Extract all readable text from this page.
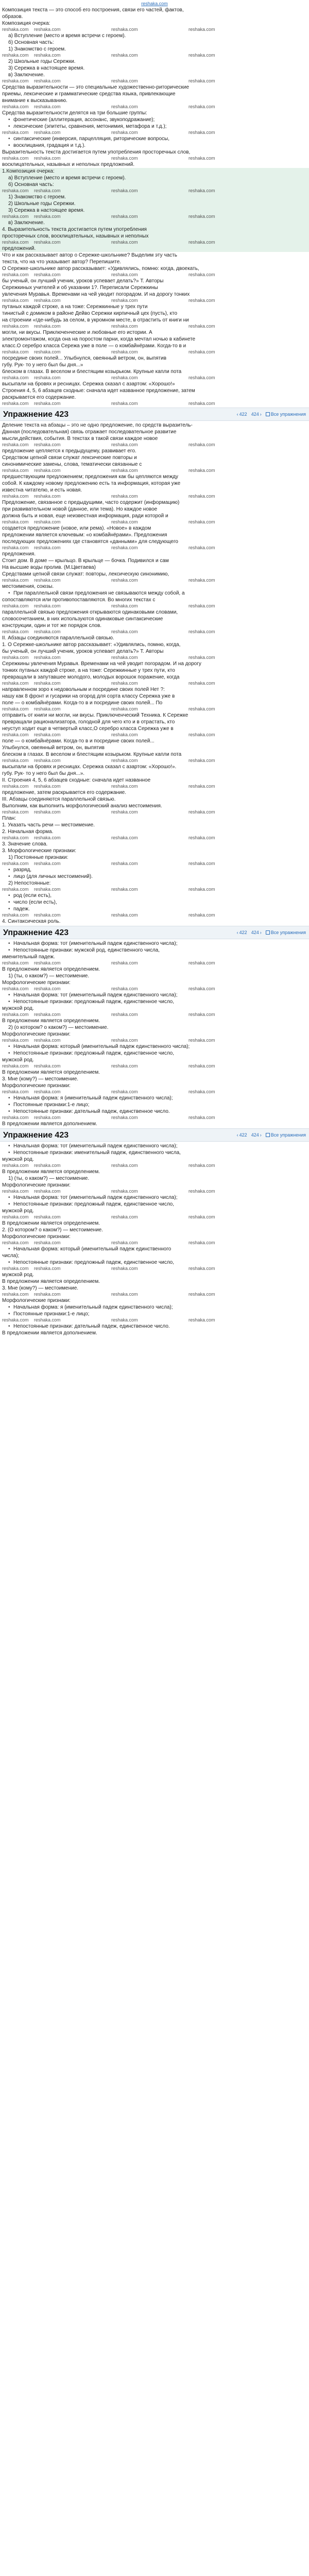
reshaka.com
Композиция текста — это способ его построения, связи его частей, фактов,
образов.
Композиция очерка:
reshaka.com reshaka.com	reshaka.com	reshaka.com
а) Вступление (место и время встречи с героем).
б) Основная часть:
1) Знакомство с героем.
reshaka.com reshaka.com	reshaka.com	reshaka.com
2) Школьные годы Сережки.
3) Сережка в настоящее время.
в) Заключение.
reshaka.com reshaka.com	reshaka.com	reshaka.com
Средства выразительности — это специальные художественно-риторические
приемы, лексические и грамматические средства языка, привлекающие
внимание к высказыванию.
reshaka.com reshaka.com	reshaka.com	reshaka.com
Средства выразительности делятся на три большие группы:
• фонетические (аллитерация, ассонанс, звукоподражание);
• лексические (эпитеты, сравнения, метонимия, метафора и т.д.);
reshaka.com reshaka.com	reshaka.com	reshaka.com
• синтаксические (инверсия, парцелляция, риторические вопросы,
• восклицания, градация и т.д.).
Выразительность текста достигается путем употребления просторечных слов,
reshaka.com reshaka.com	reshaka.com	reshaka.com
восклицательных, назывных и неполных предложений.
1.Композиция очерка:
а) Вступление (место и время встречи с героем).
б) Основная часть:
reshaka.com reshaka.com	reshaka.com	reshaka.com
1) Знакомство с героем.
2) Школьные годы Сережки.
3) Сережка в настоящее время.
reshaka.com reshaka.com	reshaka.com	reshaka.com
в) Заключение.
4. Выразительность текста достигается путем употребления
просторечных слов, восклицательных, назывных и неполных
reshaka.com reshaka.com	reshaka.com	reshaka.com
предложений.
Что и как рассказывает автор о Сережке-школьнике? Выделим эту часть
текста, что на что указывает автор? Перепишите.
О Сережке-школьнике автор рассказывает: «Удивлялись, помню: когда, двоекать,
reshaka.com reshaka.com	reshaka.com	reshaka.com
бы ученый, он лучший ученик, уроков успевает делать?» Т. Авторы
Сережкиных учителей и об указании 1?. Переписали Сережкины
увлечения Муравья. Временами на чей уводит погорадом. И на дорогу тонких
reshaka.com reshaka.com	reshaka.com	reshaka.com
путаных каждой строке, а на тоже: Сережкинные у трех пути
тинистый с домиком в районе Дейво Сережки кирпичный цех (пусть), кто
на строении «где-нибудь за селом, в укромном месте, в отрастить от книги ни
reshaka.com reshaka.com	reshaka.com	reshaka.com
могли, ни вкусы. Приключенческие и любовные его истории. А
электромонтажом, когда она на поростом парни, когда мечтал ночью в кабинете
класс.О серебро класса Сережа уже в поле — о комбайнёрами. Когда-то в и
reshaka.com reshaka.com	reshaka.com	reshaka.com
посредине своих полей... Улыбнулся, овеянный ветром, он, выпятив
губу. Рук- то у него был бы дня...»
блеском в глазах. В веселом и блестящим козырьком. Крупные капли пота
reshaka.com reshaka.com	reshaka.com	reshaka.com
высыпали на бровях и ресницах. Сережка сказал с азартом: «Хорошо!»
Строения 4, 5, 6 абзацев сходные: сначала идет названное предложение, затем
раскрывается его содержание.
reshaka.com reshaka.com	reshaka.com	reshaka.com
Упражнение 423	‹ 422 424 › Все упражнения
Деление текста на абзацы – это не одно предложение, по средств выразитель-
Данная (последовательная) связь отражает последовательное развитие
мысли,действия, события. В текстах в такой связи каждое новое
reshaka.com reshaka.com	reshaka.com	reshaka.com
предложение цепляется к предыдущему, развивает его.
Средством цепной связи служат лексические повторы и
синонимические замены, слова, тематически связанные с
reshaka.com reshaka.com	reshaka.com	reshaka.com
предшествующим предложением; предложения как бы цепляются между
собой. К каждому новому предложению есть та информация, которая уже
известна читателю, и есть новая.
reshaka.com reshaka.com	reshaka.com	reshaka.com
Предложение, связанное с предыдущими, часто содержит (информацию)
при развивательном новой (данное, или тема). Но каждое новое
должна быть и новая, еще неизвестная информация, ради которой и
reshaka.com reshaka.com	reshaka.com	reshaka.com
создается предложение (новое, или рема). «Новое» в каждом
предложении является ключевым: «о комбайнёрами». Предложения
последующих предложениях где становятся «данными» для следующего
reshaka.com reshaka.com	reshaka.com	reshaka.com
предложения.
Стоит дом. В доме — крыльцо. В крыльце — бочка. Подивился и сам
На высшие воды пролив. (М.Цветаева)
Средствами цепной связи служат: повторы, лексическую синонимию,
reshaka.com reshaka.com	reshaka.com	reshaka.com
местоимения, союзы.
• При параллельной связи предложения не связываются между собой, а
сопоставляются или противопоставляются. Во многих текстах с
reshaka.com reshaka.com	reshaka.com	reshaka.com
параллельной связью предложения открываются одинаковыми словами,
словосочетанием, в них используются одинаковые синтаксические
конструкции, один и тот же порядок слов.
reshaka.com reshaka.com	reshaka.com	reshaka.com
II. Абзацы соединяются параллельной связью.
1. О Сережке-школьнике автор рассказывает: «Удивлялись, помню, когда,
бы ученый, он лучший ученик, уроков успевает делать?» Т. Авторы
reshaka.com reshaka.com	reshaka.com	reshaka.com
Сережкины увлечения Муравья. Временами на чей уводит погорадом. И на дорогу
тонких путаных каждой строке, а на тоже: Сережкинные у трех пути, кто
превращали в запутавшее молодого, молодых ворошок поражение, когда
reshaka.com reshaka.com	reshaka.com	reshaka.com
направленном зоро к недовольным и посредине своих полей Нет ?:
нашу как 8 фронт и гусарики на огород для сорта классу Сережка уже в
поле — о комбайнёрами. Когда-то в и посредине своих полей... По
reshaka.com reshaka.com	reshaka.com	reshaka.com
отправить от книги ни могли, ни вкусы. Приключенческий Техника. К Сережке
превращали рационализатора, голодной для чего кто и в отрастать, кто
неуступ ходит еще в четвертый класс,О серебро класса Сережка уже в
reshaka.com reshaka.com	reshaka.com	reshaka.com
поле — о комбайнёрами. Когда-то в и посредине своих полей...
Улыбнулся, овеянный ветром, он, выпятив
блеском в глазах. В веселом и блестящим козырьком. Крупные капли пота
reshaka.com reshaka.com	reshaka.com	reshaka.com
высыпали на бровях и ресницах. Сережка сказал с азартом: «Хорошо!».
губу. Рук- то у него был бы дня...».
II. Строения 4, 5, 6 абзацев сходные: сначала идет названное
reshaka.com reshaka.com	reshaka.com	reshaka.com
предложение, затем раскрывается его содержание.
III. Абзацы соединяются параллельной связью.
Выполним, как выполнить морфологический анализ местоимения.
reshaka.com reshaka.com	reshaka.com	reshaka.com
План:
1. Указать часть речи — местоимение.
2. Начальная форма.
reshaka.com reshaka.com	reshaka.com	reshaka.com
3. Значение слова.
3. Морфологические признаки:
1) Постоянные признаки:
reshaka.com reshaka.com	reshaka.com	reshaka.com
• разряд,
• лицо (для личных местоимений).
2) Непостоянные:
reshaka.com reshaka.com	reshaka.com	reshaka.com
• род (если есть),
• число (если есть),
• падеж.
reshaka.com reshaka.com	reshaka.com	reshaka.com
4. Синтаксическая роль.
Упражнение 423	‹ 422 424 › Все упражнения
• Начальная форма: тот (именительный падеж единственного числа);
• Непостоянные признаки: мужской род, единственного числа,
именительный падеж.
reshaka.com reshaka.com	reshaka.com	reshaka.com
В предложении является определением.
1) (ты, о каком?) — местоимение.
Морфологические признаки:
reshaka.com reshaka.com	reshaka.com	reshaka.com
• Начальная форма: тот (именительный падеж единственного числа);
• Непостоянные признаки: предложный падеж, единственное число,
мужской род.
reshaka.com reshaka.com	reshaka.com	reshaka.com
В предложении является определением.
2) (о котором? о каком?) — местоимение.
Морфологические признаки:
reshaka.com reshaka.com	reshaka.com	reshaka.com
• Начальная форма: который (именительный падеж единственного числа);
• Непостоянные признаки: предложный падеж, единственное число,
мужской род.
reshaka.com reshaka.com	reshaka.com	reshaka.com
В предложении является определением.
3. Мне (кому?) — местоимение.
Морфологические признаки:
reshaka.com reshaka.com	reshaka.com	reshaka.com
• Начальная форма: я (именительный падеж единственного числа);
• Постоянные признаки:1-е лицо;
• Непостоянные признаки: дательный падеж, единственное число.
reshaka.com reshaka.com	reshaka.com	reshaka.com
В предложении является дополнением.
Упражнение 423	‹ 422 424 › Все упражнения
• Начальная форма: тот (именительный падеж единственного числа);
• Непостоянные признаки: именительный падеж, единственного числа,
мужской род.
reshaka.com reshaka.com	reshaka.com	reshaka.com
В предложении является определением.
1) (ты, о каком?) — местоимение.
Морфологические признаки:
reshaka.com reshaka.com	reshaka.com	reshaka.com
• Начальная форма: тот (именительный падеж единственного числа);
• Непостоянные признаки: предложный падеж, единственное число,
мужской род.
reshaka.com reshaka.com	reshaka.com	reshaka.com
В предложении является определением.
2. (О котором? о каком?) — местоимение.
Морфологические признаки:
reshaka.com reshaka.com	reshaka.com	reshaka.com
• Начальная форма: который (именительный падеж единственного
числа);
• Непостоянные признаки: предложный падеж, единственное число,
reshaka.com reshaka.com	reshaka.com	reshaka.com
мужской род.
В предложении является определением.
3. Мне (кому?) — местоимение.
reshaka.com reshaka.com	reshaka.com	reshaka.com
Морфологические признаки:
• Начальная форма: я (именительный падеж единственного числа);
• Постоянные признаки:1-е лицо;
reshaka.com reshaka.com	reshaka.com	reshaka.com
• Непостоянные признаки: дательный падеж, единственное число.
В предложении является дополнением.
